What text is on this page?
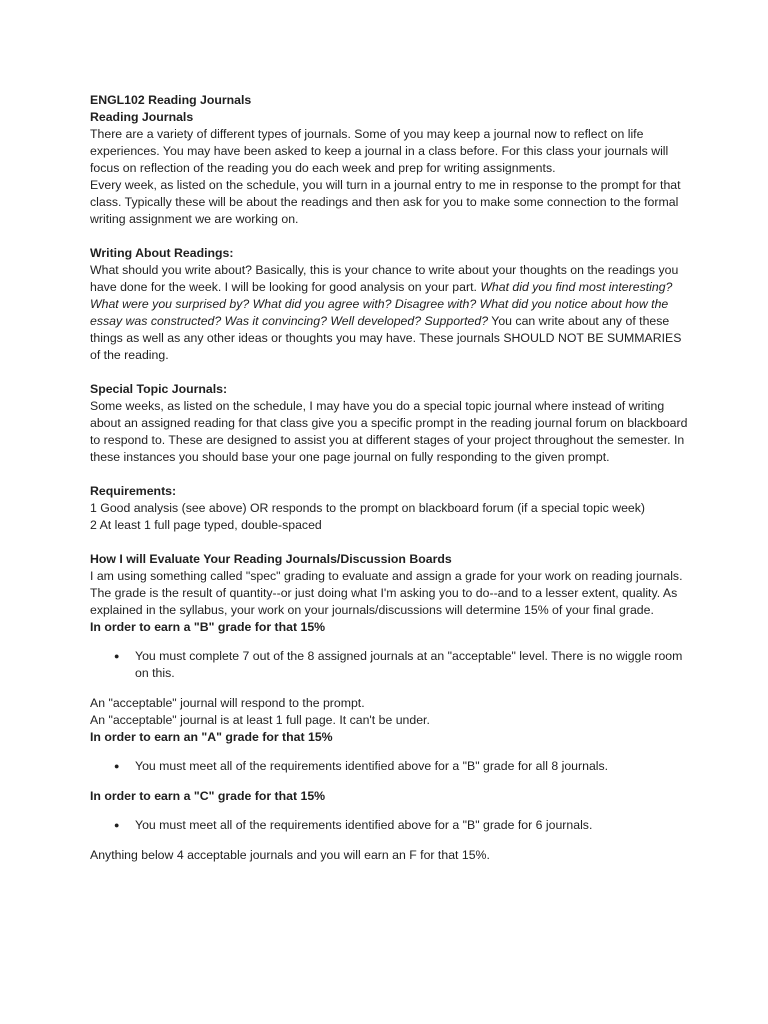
ENGL102 Reading Journals

Reading Journals

There are a variety of different types of journals. Some of you may keep a journal now to reflect on life experiences. You may have been asked to keep a journal in a class before. For this class your journals will focus on reflection of the reading you do each week and prep for writing assignments.

Every week, as listed on the schedule, you will turn in a journal entry to me in response to the prompt for that class. Typically these will be about the readings and then ask for you to make some connection to the formal writing assignment we are working on.

Writing About Readings:

What should you write about? Basically, this is your chance to write about your thoughts on the readings you have done for the week. I will be looking for good analysis on your part. What did you find most interesting? What were you surprised by? What did you agree with? Disagree with? What did you notice about how the essay was constructed? Was it convincing? Well developed? Supported? You can write about any of these things as well as any other ideas or thoughts you may have. These journals SHOULD NOT BE SUMMARIES of the reading.

Special Topic Journals:

Some weeks, as listed on the schedule, I may have you do a special topic journal where instead of writing about an assigned reading for that class give you a specific prompt in the reading journal forum on blackboard to respond to. These are designed to assist you at different stages of your project throughout the semester. In these instances you should base your one page journal on fully responding to the given prompt.

Requirements:

1 Good analysis (see above) OR responds to the prompt on blackboard forum (if a special topic week)

2 At least 1 full page typed, double-spaced

How I will Evaluate Your Reading Journals/Discussion Boards

I am using something called "spec" grading to evaluate and assign a grade for your work on reading journals. The grade is the result of quantity--or just doing what I'm asking you to do--and to a lesser extent, quality. As explained in the syllabus, your work on your journals/discussions will determine 15% of your final grade.

In order to earn a "B" grade for that 15%

● You must complete 7 out of the 8 assigned journals at an "acceptable" level. There is no wiggle room on this.

An "acceptable" journal will respond to the prompt.

An "acceptable" journal is at least 1 full page. It can't be under.

In order to earn an "A" grade for that 15%

● You must meet all of the requirements identified above for a "B" grade for all 8 journals.

In order to earn a "C" grade for that 15%

● You must meet all of the requirements identified above for a "B" grade for 6 journals.

Anything below 4 acceptable journals and you will earn an F for that 15%.
